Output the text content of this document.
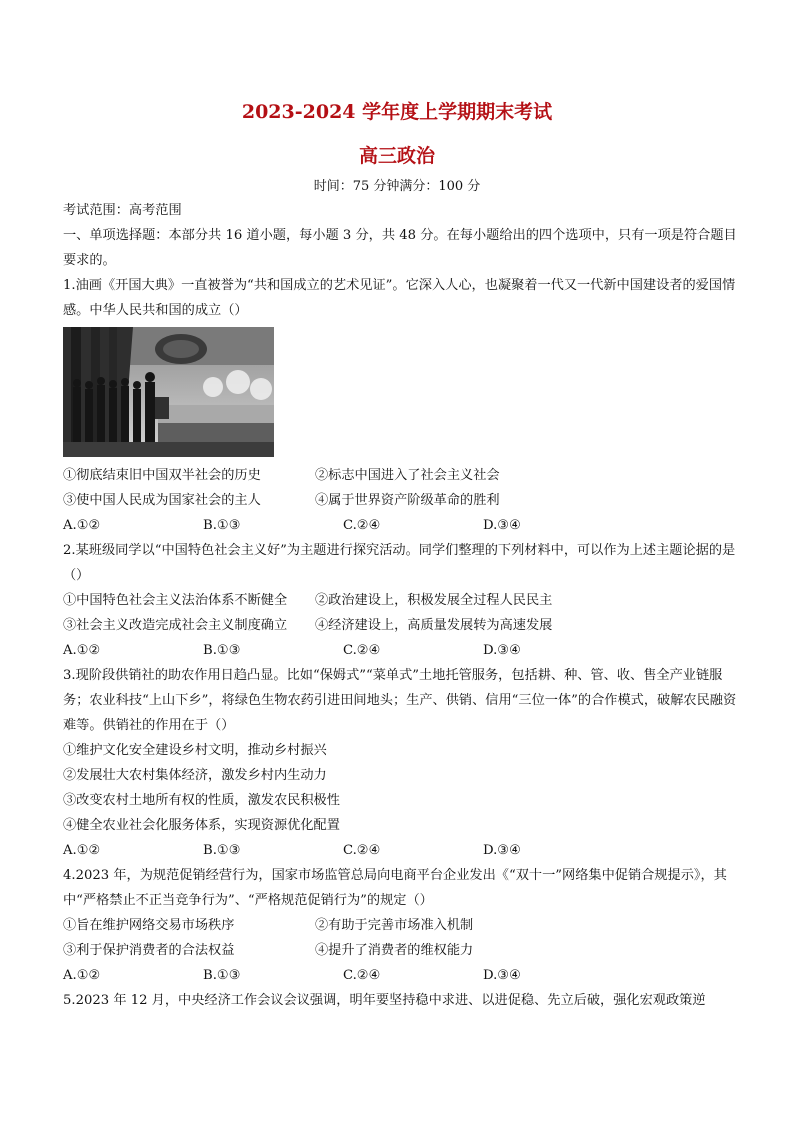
2023-2024 学年度上学期期末考试
高三政治
时间：75 分钟满分：100 分

考试范围：高考范围

一、单项选择题：本部分共 16 道小题，每小题 3 分，共 48 分。在每小题给出的四个选项中，只有一项是符合题目要求的。

1.油画《开国大典》一直被誉为“共和国成立的艺术见证”。它深入人心，也凝聚着一代又一代新中国建设者的爱国情感。中华人民共和国的成立（）

①彻底结束旧中国双半社会的历史	②标志中国进入了社会主义社会
③使中国人民成为国家社会的主人	④属于世界资产阶级革命的胜利
A.①②	B.①③	C.②④	D.③④

2.某班级同学以“中国特色社会主义好”为主题进行探究活动。同学们整理的下列材料中，可以作为上述主题论据的是（）

①中国特色社会主义法治体系不断健全	②政治建设上，积极发展全过程人民民主
③社会主义改造完成社会主义制度确立	④经济建设上，高质量发展转为高速发展
A.①②	B.①③	C.②④	D.③④

3.现阶段供销社的助农作用日趋凸显。比如“保姆式”“菜单式”土地托管服务，包括耕、种、管、收、售全产业链服务；农业科技“上山下乡”，将绿色生物农药引进田间地头；生产、供销、信用“三位一体”的合作模式，破解农民融资难等。供销社的作用在于（）

①维护文化安全建设乡村文明，推动乡村振兴

②发展壮大农村集体经济，激发乡村内生动力

③改变农村土地所有权的性质，激发农民积极性

④健全农业社会化服务体系，实现资源优化配置

A.①②	B.①③	C.②④	D.③④

4.2023 年，为规范促销经营行为，国家市场监管总局向电商平台企业发出《“双十一”网络集中促销合规提示》，其中“严格禁止不正当竞争行为”、“严格规范促销行为”的规定（）

①旨在维护网络交易市场秩序	②有助于完善市场准入机制
③利于保护消费者的合法权益	④提升了消费者的维权能力
A.①②	B.①③	C.②④	D.③④

5.2023 年 12 月，中央经济工作会议会议强调，明年要坚持稳中求进、以进促稳、先立后破，强化宏观政策逆
